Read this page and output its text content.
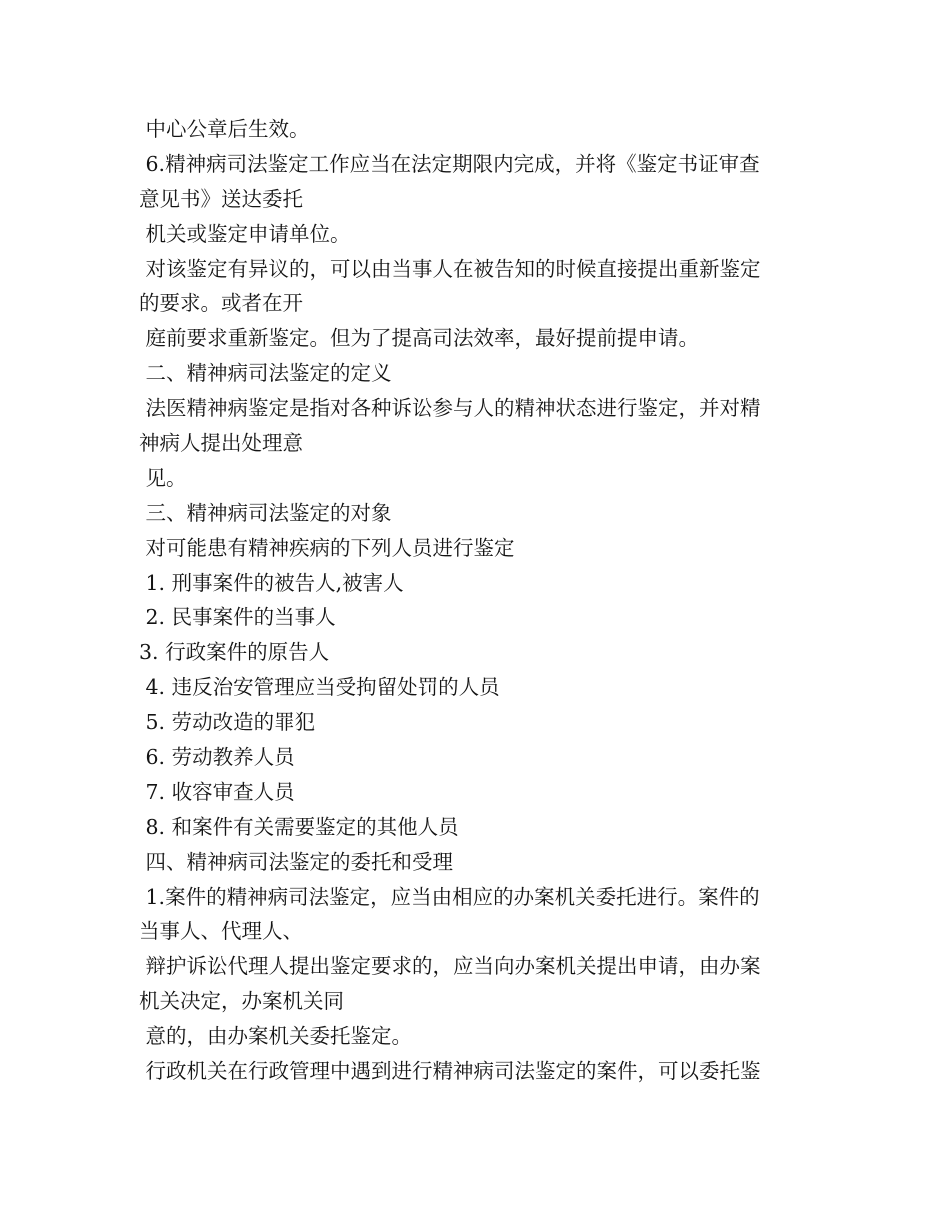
中心公章后生效。
6.精神病司法鉴定工作应当在法定期限内完成，并将《鉴定书证审查
意见书》送达委托
机关或鉴定申请单位。
对该鉴定有异议的，可以由当事人在被告知的时候直接提出重新鉴定
的要求。或者在开
庭前要求重新鉴定。但为了提高司法效率，最好提前提申请。
二、精神病司法鉴定的定义
法医精神病鉴定是指对各种诉讼参与人的精神状态进行鉴定，并对精
神病人提出处理意
见。
三、精神病司法鉴定的对象
对可能患有精神疾病的下列人员进行鉴定
1. 刑事案件的被告人,被害人
2. 民事案件的当事人
3. 行政案件的原告人
4. 违反治安管理应当受拘留处罚的人员
5. 劳动改造的罪犯
6. 劳动教养人员
7. 收容审查人员
8. 和案件有关需要鉴定的其他人员
四、精神病司法鉴定的委托和受理
1.案件的精神病司法鉴定，应当由相应的办案机关委托进行。案件的
当事人、代理人、
辩护诉讼代理人提出鉴定要求的，应当向办案机关提出申请，由办案
机关决定，办案机关同
意的，由办案机关委托鉴定。
行政机关在行政管理中遇到进行精神病司法鉴定的案件，可以委托鉴
